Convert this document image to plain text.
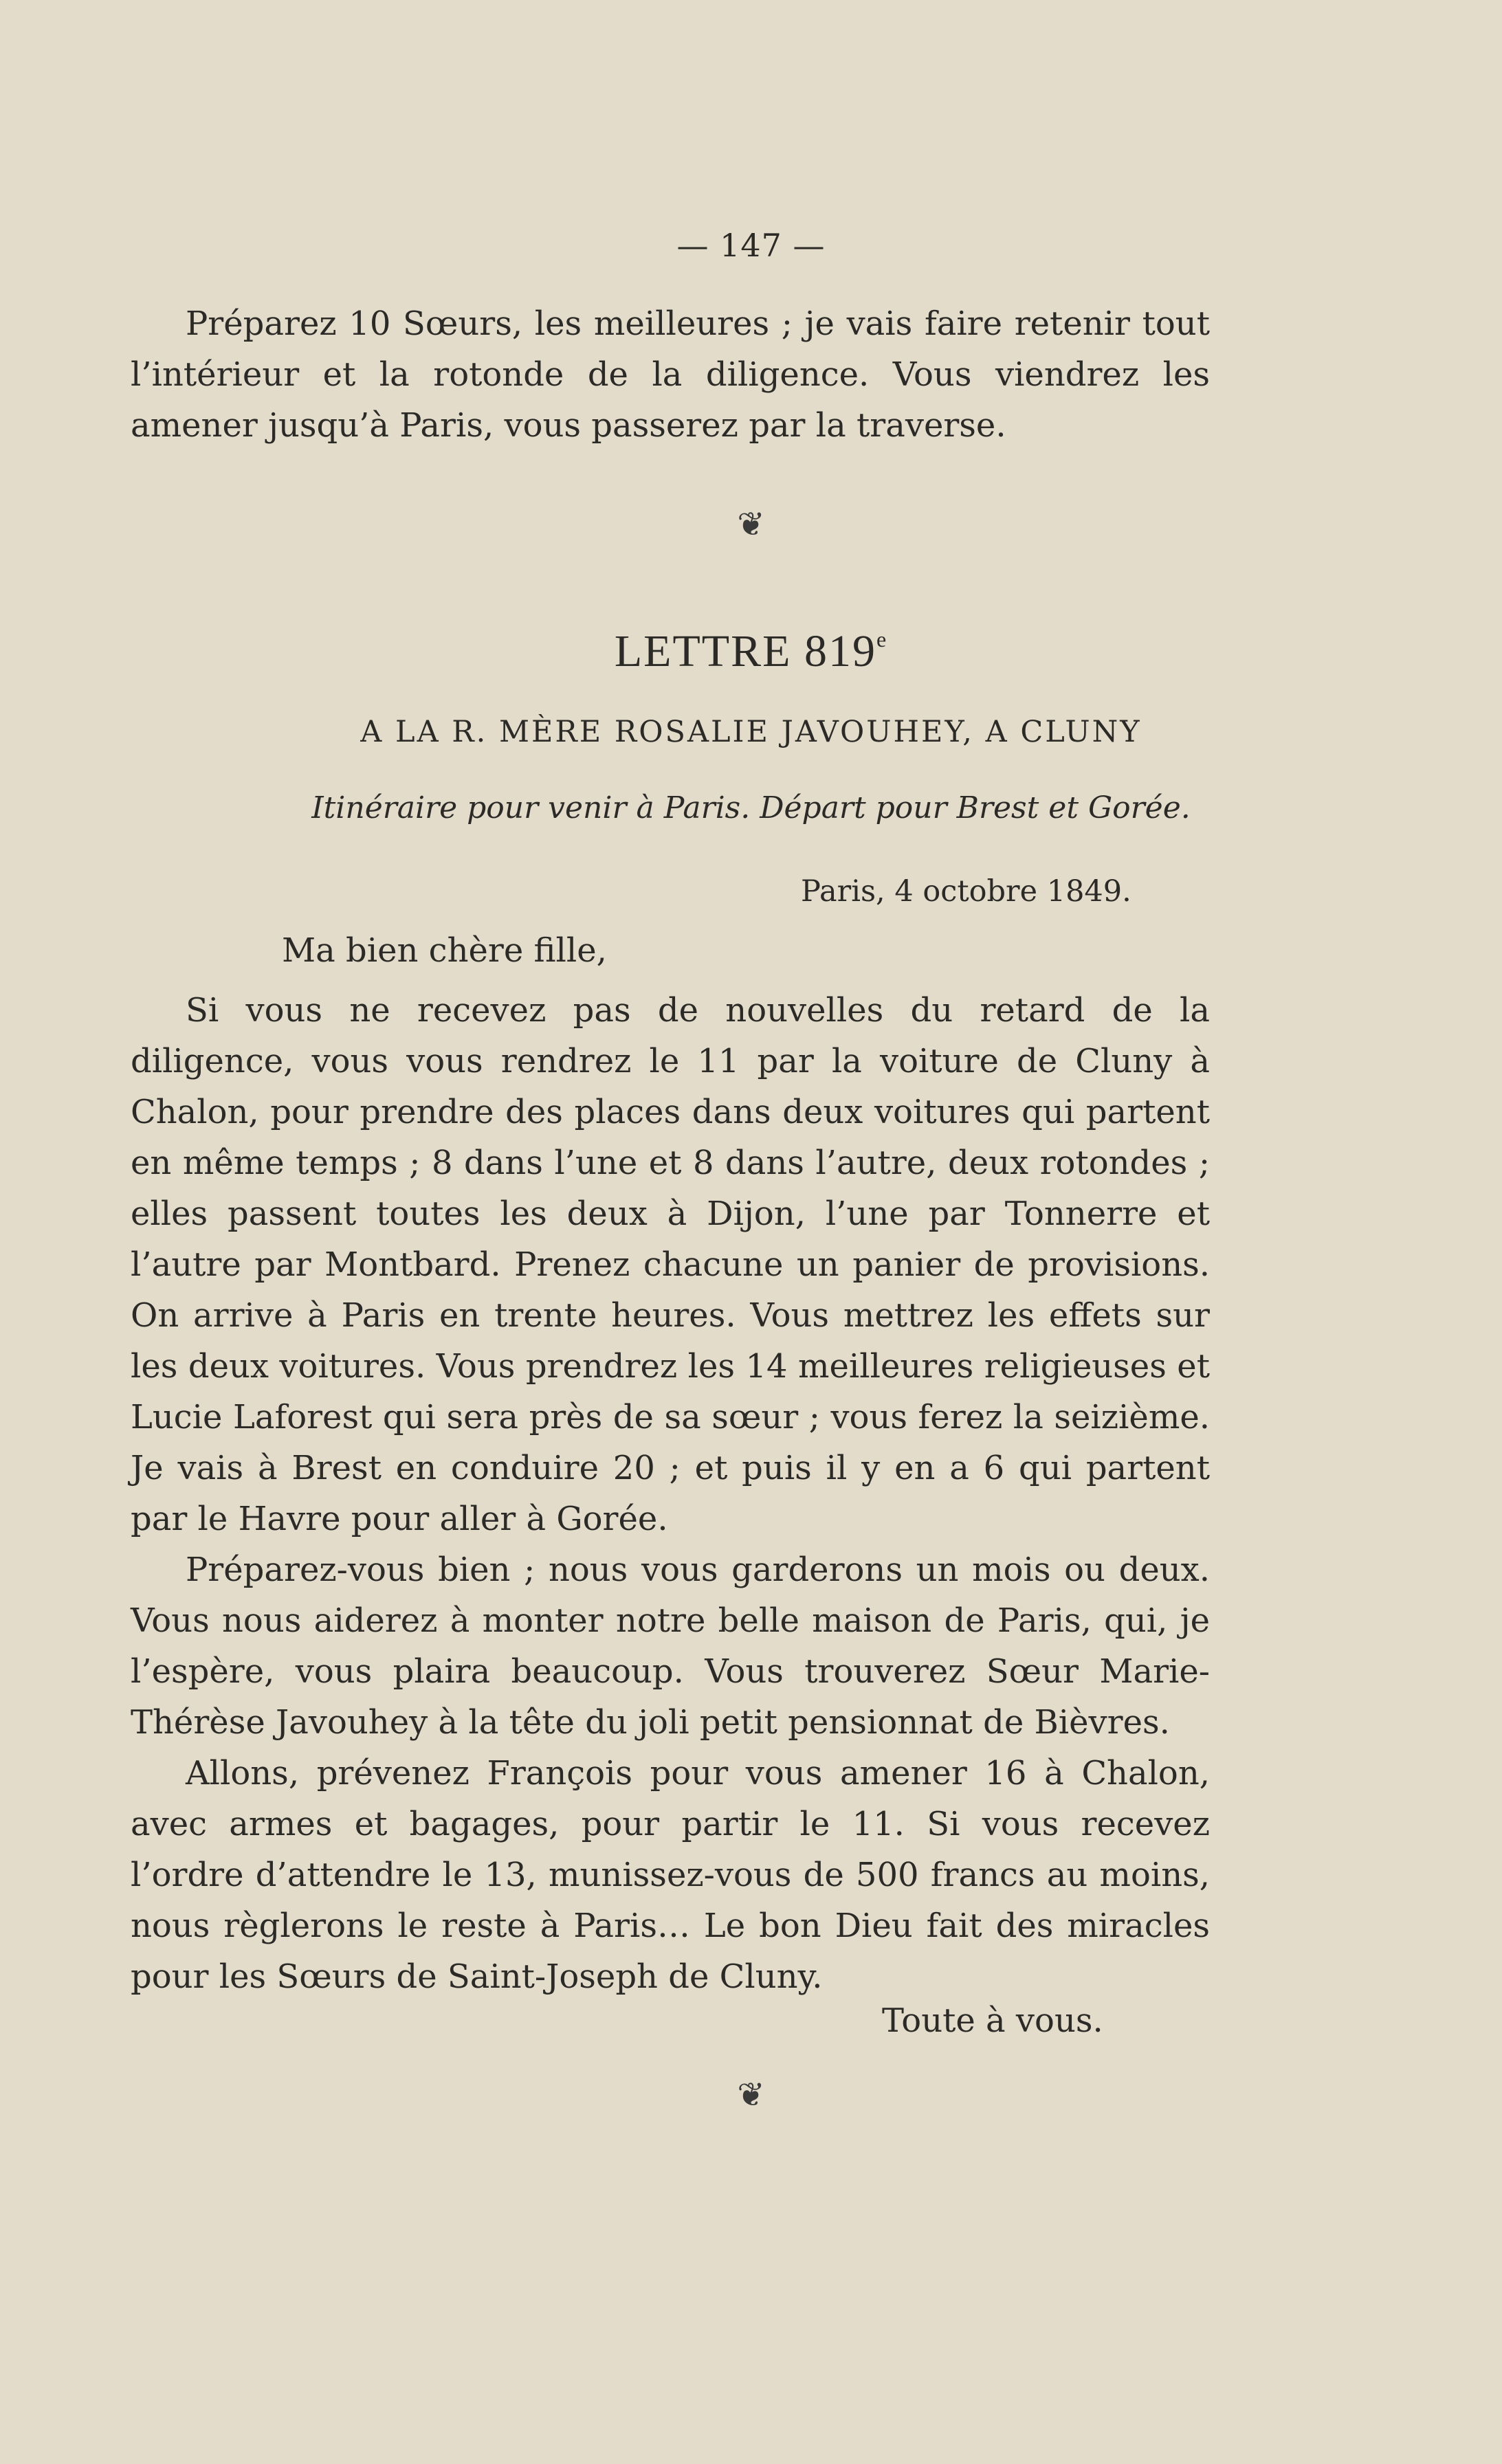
— 147 —

Préparez 10 Sœurs, les meilleures ; je vais faire retenir tout l’intérieur et la rotonde de la diligence. Vous viendrez les amener jusqu’à Paris, vous passerez par la traverse.

❦
LETTRE 819e
A LA R. MÈRE ROSALIE JAVOUHEY, A CLUNY
Itinéraire pour venir à Paris. Départ pour Brest et Gorée.
Paris, 4 octobre 1849.
Ma bien chère fille,

Si vous ne recevez pas de nouvelles du retard de la diligence, vous vous rendrez le 11 par la voiture de Cluny à Chalon, pour prendre des places dans deux voitures qui partent en même temps ; 8 dans l’une et 8 dans l’autre, deux rotondes ; elles passent toutes les deux à Dijon, l’une par Tonnerre et l’autre par Montbard. Prenez chacune un panier de provisions. On arrive à Paris en trente heures. Vous mettrez les effets sur les deux voitures. Vous prendrez les 14 meilleures religieuses et Lucie Laforest qui sera près de sa sœur ; vous ferez la seizième. Je vais à Brest en conduire 20 ; et puis il y en a 6 qui partent par le Havre pour aller à Gorée.

Préparez-vous bien ; nous vous garderons un mois ou deux. Vous nous aiderez à monter notre belle maison de Paris, qui, je l’espère, vous plaira beaucoup. Vous trouverez Sœur Marie-Thérèse Javouhey à la tête du joli petit pensionnat de Bièvres.

Allons, prévenez François pour vous amener 16 à Chalon, avec armes et bagages, pour partir le 11. Si vous recevez l’ordre d’attendre le 13, munissez-vous de 500 francs au moins, nous règlerons le reste à Paris… Le bon Dieu fait des miracles pour les Sœurs de Saint-Joseph de Cluny.

Toute à vous.
❦
